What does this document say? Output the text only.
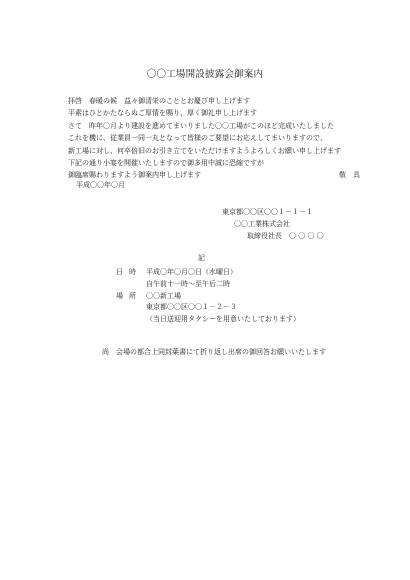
〇〇工場開設披露会御案内
拝啓　春暖の候　益々御清栄のこととお慶び申し上げます
平素はひとかたならぬご厚情を賜り、厚く御礼申し上げます
さて　昨年〇月より建設を進めてまいりました〇〇工場がこのほど完成いたしました
これを機に、従業員一同一丸となって皆様のご要望にお応えしてまいりますので、
新工場に対し、何卒倍旧のお引き立てをいただけますようよろしくお願い申し上げます
下記の通り小宴を開催いたしますので御多用中誠に恐縮ですが
御臨席賜わりますよう御案内申し上げます	敬　具
平成〇〇年〇月
東京都〇〇区〇〇１－１－１
〇〇工業株式会社
取締役社長　〇 〇 〇 〇
記
日時 平成〇年〇月〇日（水曜日）
自午前十一時～至午后二時
場所 〇〇新工場
東京都〇〇区〇〇１－２－３
（当日送迎用タクシーを用意いたしております）
尚　会場の都合上同封葉書にて折り返し出席の御回答お願いいたします
